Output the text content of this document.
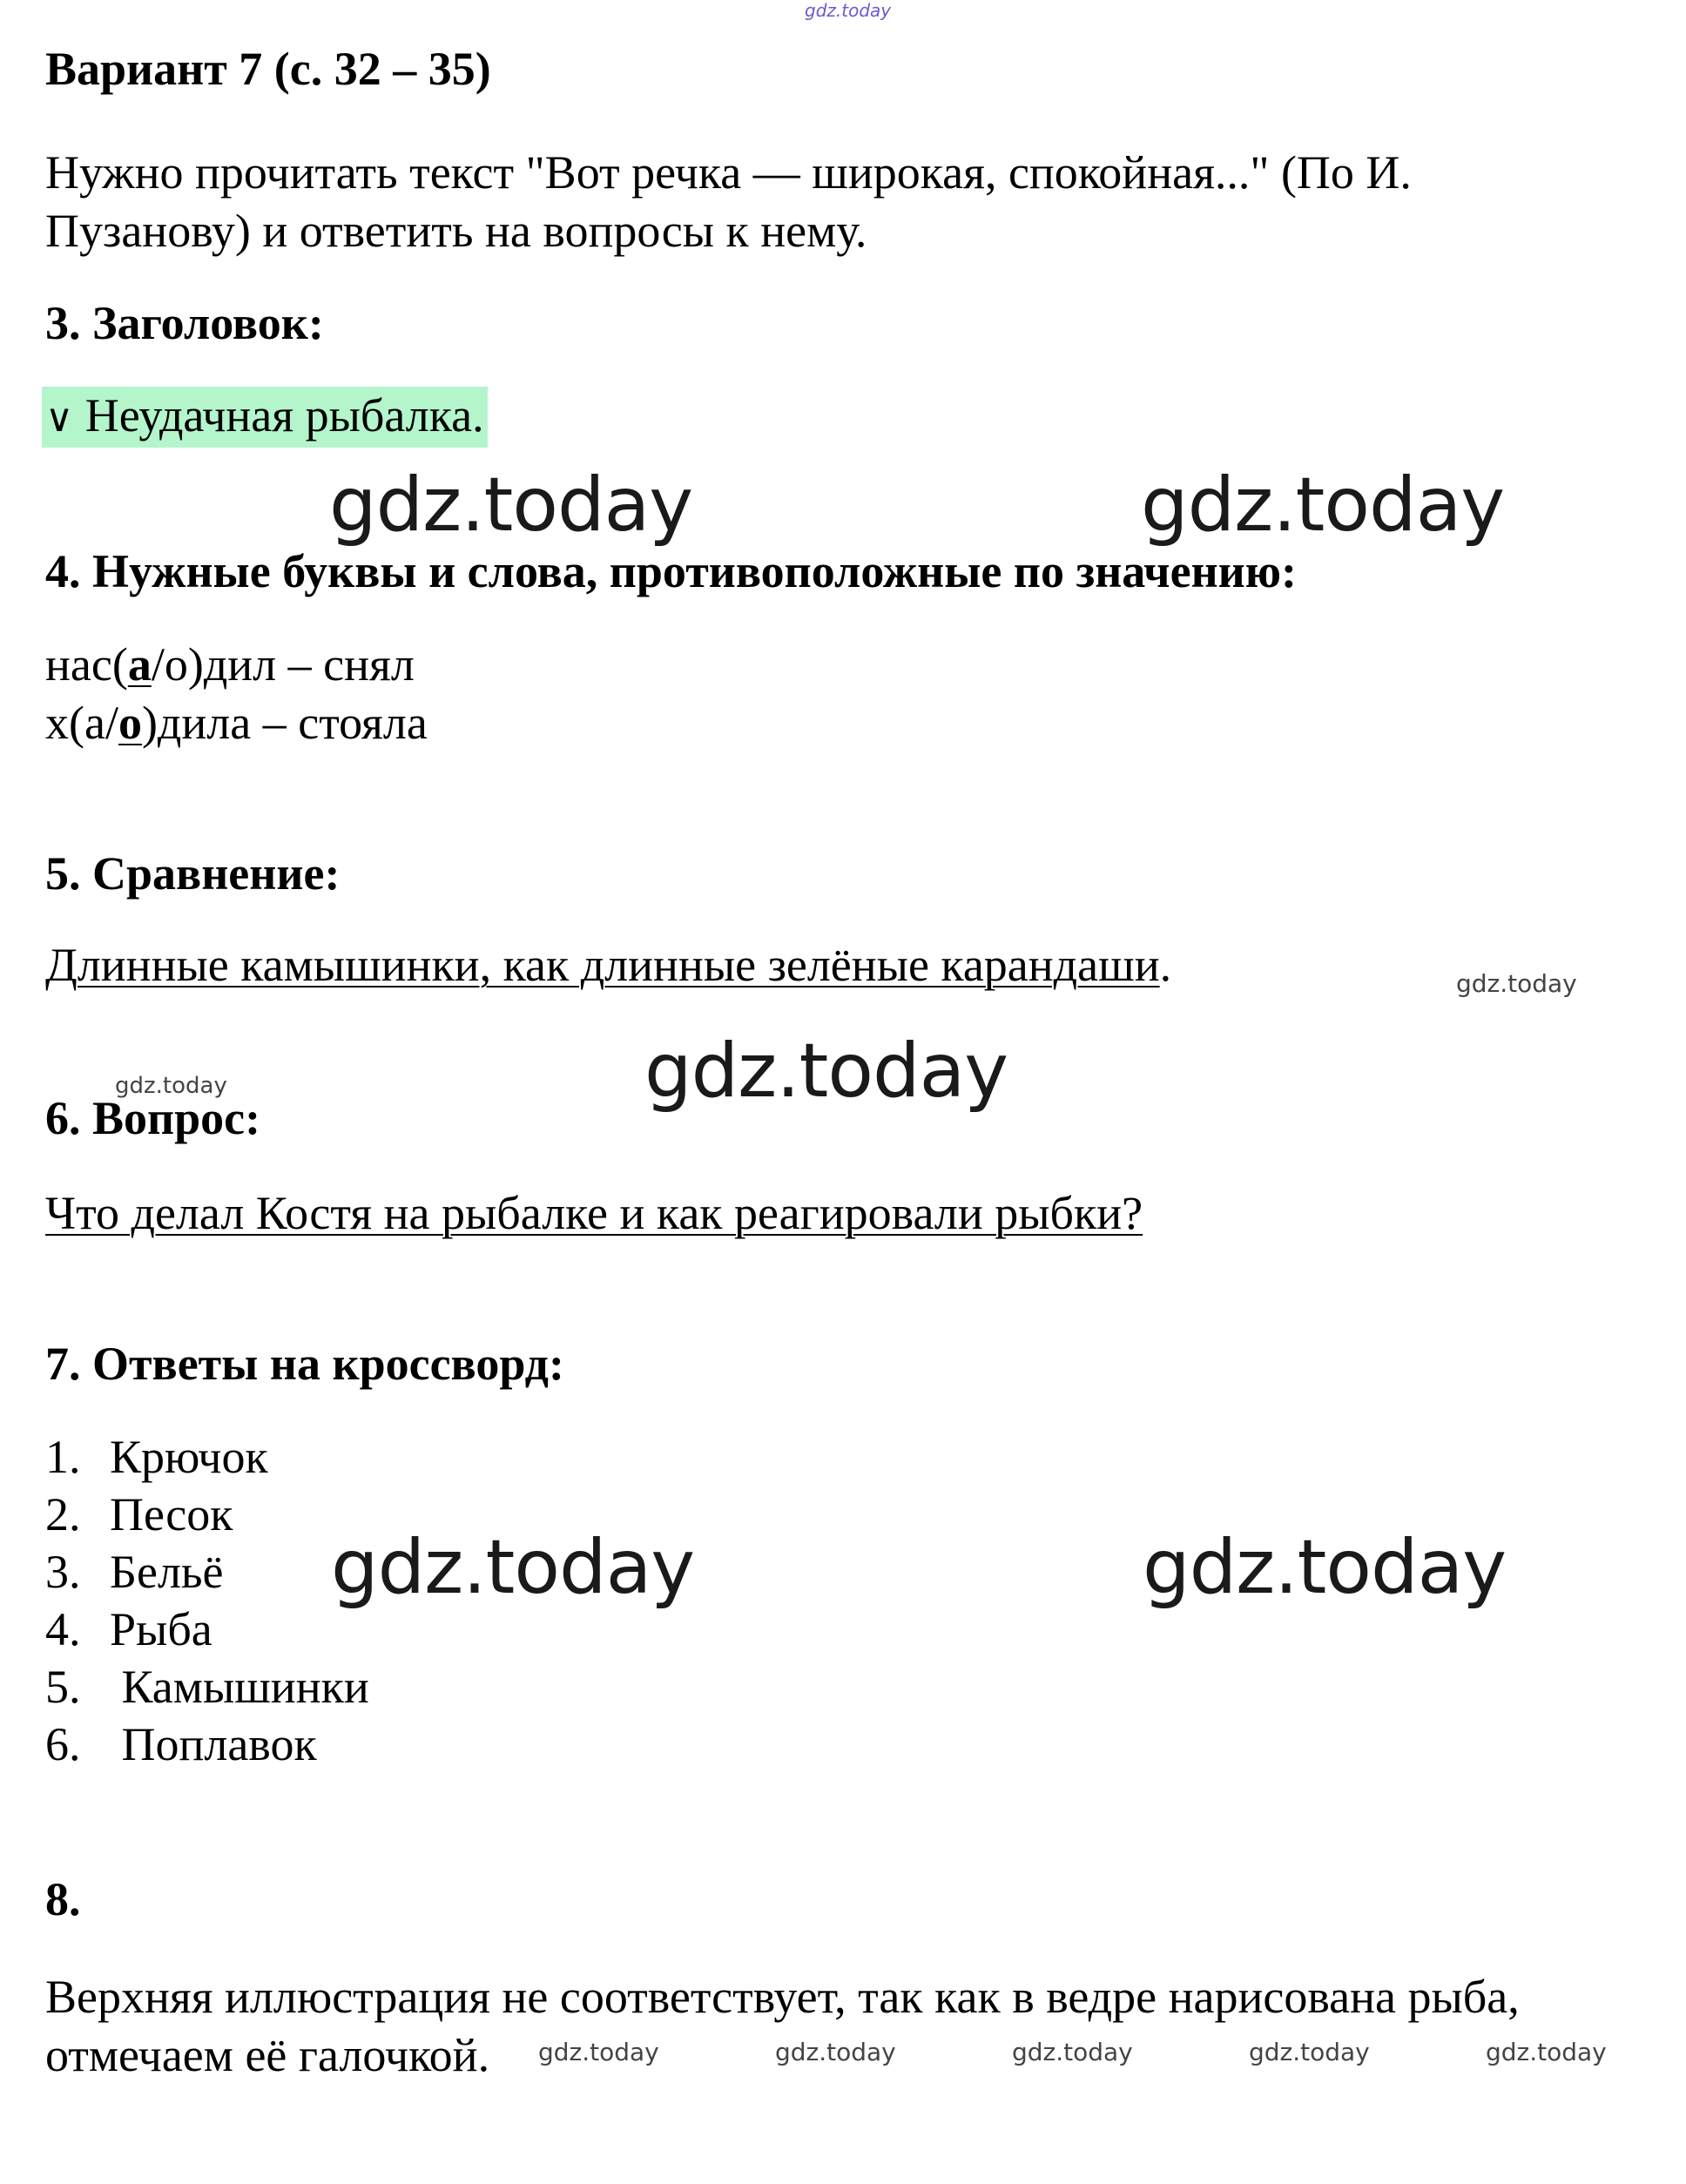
gdz.today
Вариант 7 (с. 32 – 35)
Нужно прочитать текст "Вот речка — широкая, спокойная..." (По И.
Пузанову) и ответить на вопросы к нему.
3. Заголовок:
∨ Неудачная рыбалка.
gdz.today	gdz.today
4. Нужные буквы и слова, противоположные по значению:
нас(а/о)дил – снял
х(а/о)дила – стояла
5. Сравнение:
Длинные камышинки, как длинные зелёные карандаши.	gdz.today
gdz.today	gdz.today
6. Вопрос:
Что делал Костя на рыбалке и как реагировали рыбки?
7. Ответы на кроссворд:
1. Крючок
2. Песок
3. Бельё
4. Рыба
5. Камышинки
6. Поплавок
gdz.today	gdz.today
8.
Верхняя иллюстрация не соответствует, так как в ведре нарисована рыба,
отмечаем её галочкой. gdz.today	gdz.today	gdz.today	gdz.today	gdz.today
